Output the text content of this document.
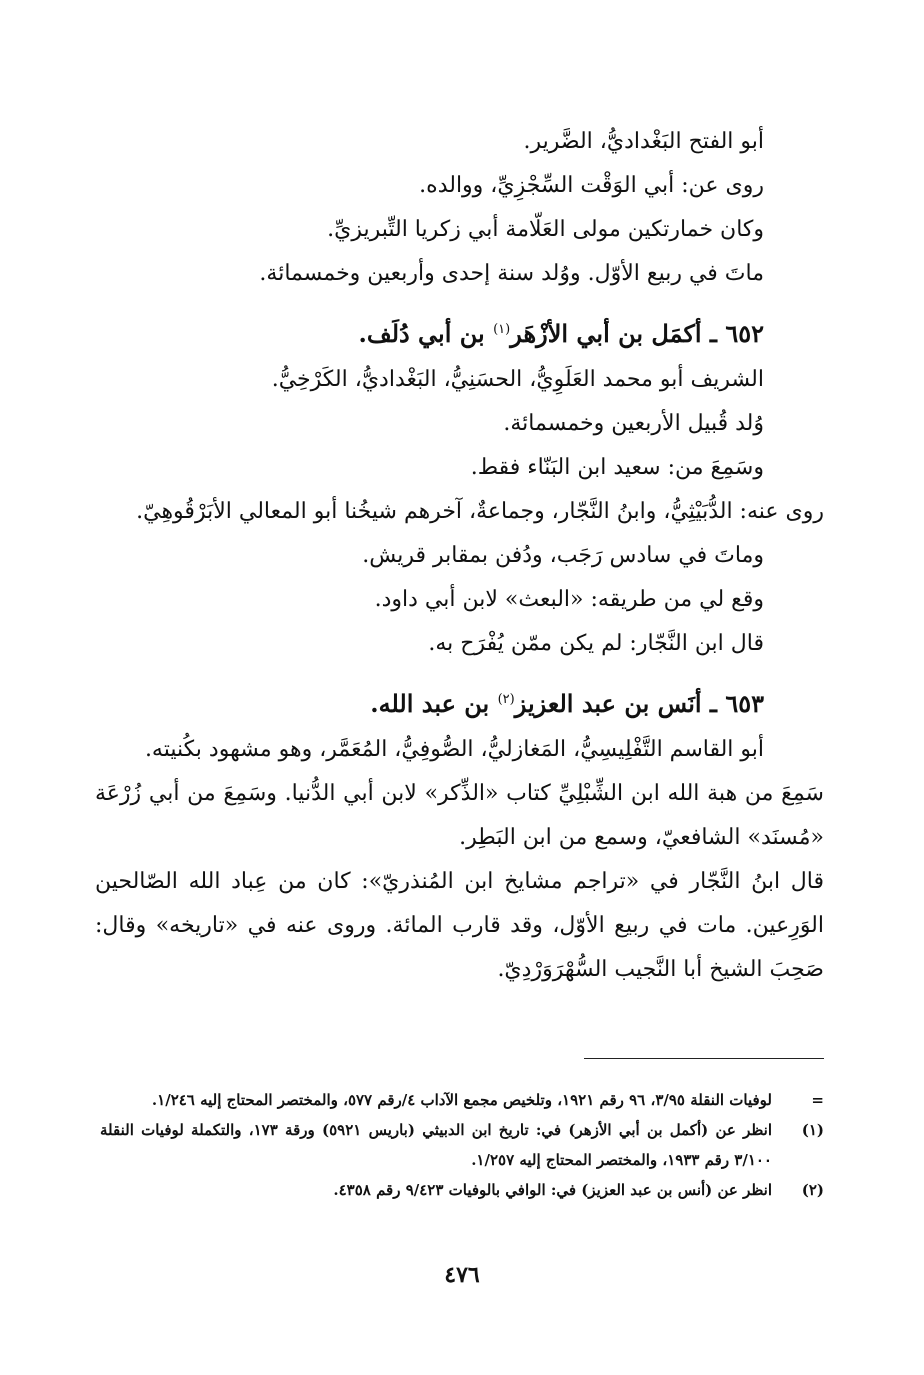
أبو الفتح البَغْداديُّ، الضَّرير.
روى عن: أبي الوَقْت السِّجْزِيِّ، ووالده.
وكان خمارتكين مولى العَلّامة أبي زكريا التِّبريزيِّ.
ماتَ في ربيع الأوّل. ووُلد سنة إحدى وأربعين وخمسمائة.
٦٥٢ ـ أكمَل بن أبي الأزْهَر$^{(١)}$ بن أبي دُلَف.
الشريف أبو محمد العَلَوِيُّ، الحسَنِيُّ، البَغْداديُّ، الكَرْخِيُّ.
وُلد قُبيل الأربعين وخمسمائة.
وسَمِعَ من: سعيد ابن البَنّاء فقط.
روى عنه: الدُّبَيْثِيُّ، وابنُ النَّجّار، وجماعةٌ، آخرهم شيخُنا أبو المعالي الأبَرْقُوهِيّ.
وماتَ في سادس رَجَب، ودُفن بمقابر قريش.
وقع لي من طريقه: «البعث» لابن أبي داود.
قال ابن النَّجّار: لم يكن ممّن يُفْرَح به.
٦٥٣ ـ أنَس بن عبد العزيز$^{(٢)}$ بن عبد الله.
أبو القاسم التَّفْلِيسِيُّ، المَغازليُّ، الصُّوفِيُّ، المُعَمَّر، وهو مشهود بكُنيته.
سَمِعَ من هبة الله ابن الشِّبْلِيِّ كتاب «الذِّكر» لابن أبي الدُّنيا. وسَمِعَ من أبي زُرْعَة «مُسنَد» الشافعيّ، وسمع من ابن البَطِر.
قال ابنُ النَّجّار في «تراجم مشايخ ابن المُنذريّ»: كان من عِباد الله الصّالحين الوَرِعين. مات في ربيع الأوّل، وقد قارب المائة. وروى عنه في «تاريخه» وقال: صَحِبَ الشيخ أبا النَّجيب السُّهْرَوَرْدِيّ.
=
لوفيات النقلة ٣/٩٥، ٩٦ رقم ١٩٢١، وتلخيص مجمع الآداب ٤/رقم ٥٧٧، والمختصر المحتاج إليه ١/٢٤٦.
(١)
انظر عن (أكمل بن أبي الأزهر) في: تاريخ ابن الدبيثي (باريس ٥٩٢١) ورقة ١٧٣، والتكملة لوفيات النقلة ٣/١٠٠ رقم ١٩٣٣، والمختصر المحتاج إليه ١/٢٥٧.
(٢)
انظر عن (أنس بن عبد العزيز) في: الوافي بالوفيات ٩/٤٢٣ رقم ٤٣٥٨.
٤٧٦
